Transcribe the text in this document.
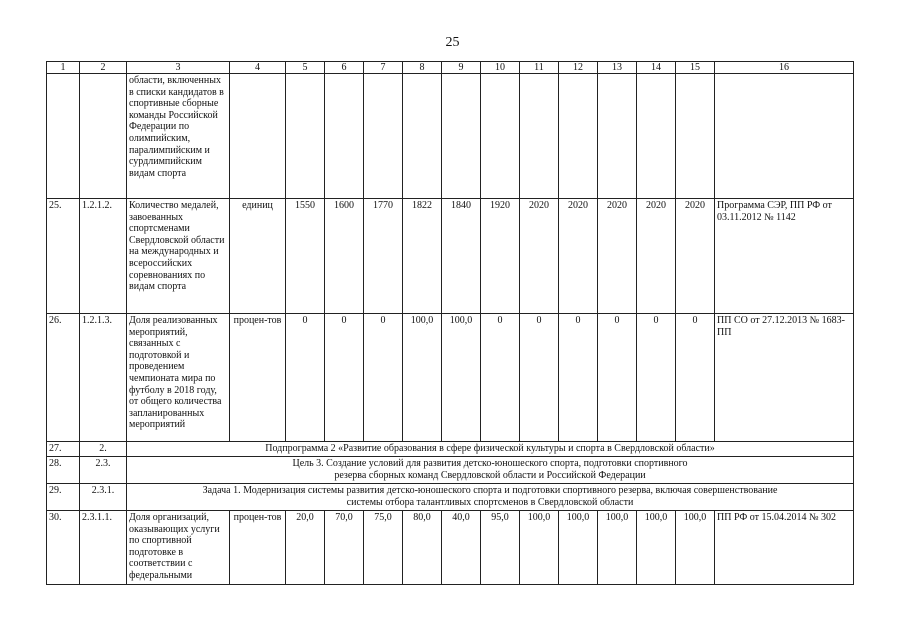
25
1	2	3	4	5	6	7	8	9	10	11	12	13	14	15	16
		области, включенных в списки кандидатов в спортивные сборные команды Российской Федерации по олимпийским, паралимпийским и сурдлимпийским видам спорта													
25.	1.2.1.2.	Количество медалей, завоеванных спортсменами Свердловской области на международных и всероссийских соревнованиях по видам спорта	единиц	1550	1600	1770	1822	1840	1920	2020	2020	2020	2020	2020	Программа СЭР, ПП РФ от 03.11.2012 № 1142
26.	1.2.1.3.	Доля реализованных мероприятий, связанных с подготовкой и проведением чемпионата мира по футболу в 2018 году, от общего количества запланированных мероприятий	процен-тов	0	0	0	100,0	100,0	0	0	0	0	0	0	ПП СО от 27.12.2013 № 1683-ПП
27.	2.	Подпрограмма 2 «Развитие образования в сфере физической культуры и спорта в Свердловской области»													
28.	2.3.	Цель 3. Создание условий для развития детско-юношеского спорта, подготовки спортивного резерва сборных команд Свердловской области и Российской Федерации													
29.	2.3.1.	Задача 1. Модернизация системы развития детско-юношеского спорта и подготовки спортивного резерва, включая совершенствование системы отбора талантливых спортсменов в Свердловской области													
30.	2.3.1.1.	Доля организаций, оказывающих услуги по спортивной подготовке в соответствии с федеральными	процен-тов	20,0	70,0	75,0	80,0	40,0	95,0	100,0	100,0	100,0	100,0	100,0	ПП РФ от 15.04.2014 № 302
